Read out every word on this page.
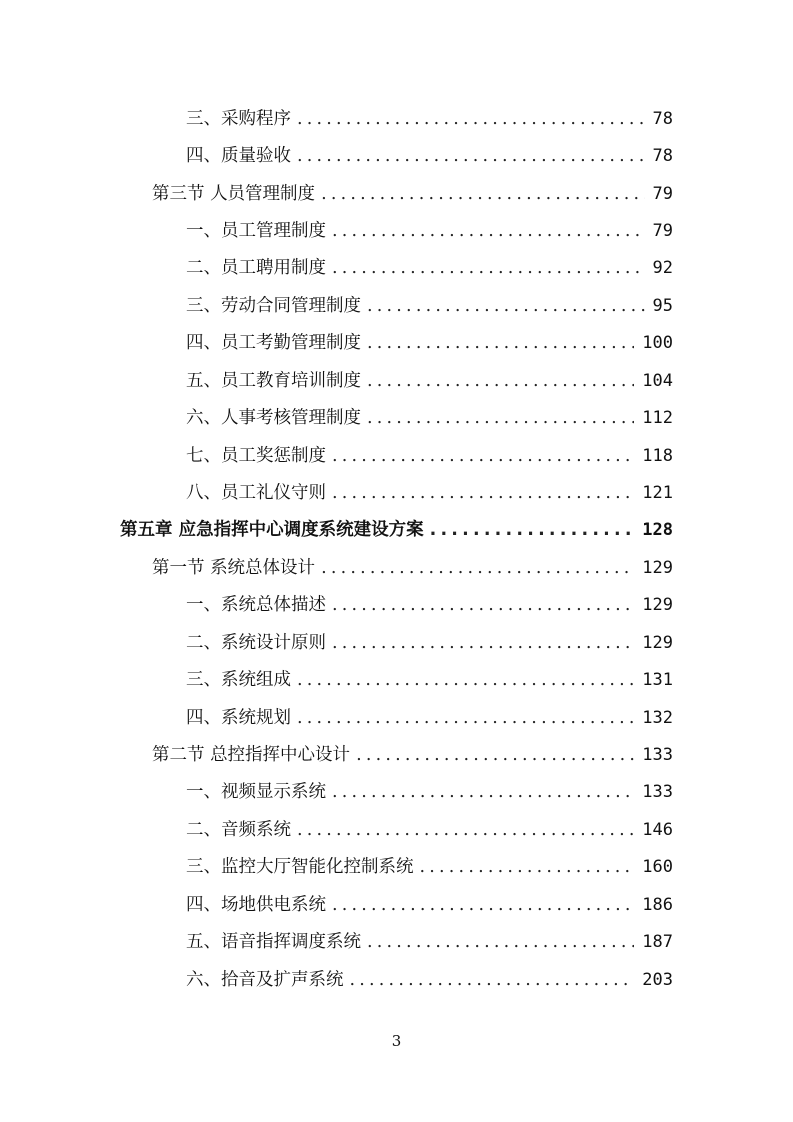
三、采购程序 .....	78
四、质量验收 .....	78
第三节 人员管理制度 .....	79
一、员工管理制度 .....	79
二、员工聘用制度 .....	92
三、劳动合同管理制度 .....	95
四、员工考勤管理制度 .....	100
五、员工教育培训制度 .....	104
六、人事考核管理制度 .....	112
七、员工奖惩制度 .....	118
八、员工礼仪守则 .....	121
第五章 应急指挥中心调度系统建设方案 .....	128
第一节 系统总体设计 .....	129
一、系统总体描述 .....	129
二、系统设计原则 .....	129
三、系统组成 .....	131
四、系统规划 .....	132
第二节 总控指挥中心设计 .....	133
一、视频显示系统 .....	133
二、音频系统 .....	146
三、监控大厅智能化控制系统 .....	160
四、场地供电系统 .....	186
五、语音指挥调度系统 .....	187
六、拾音及扩声系统 .....	203
3
